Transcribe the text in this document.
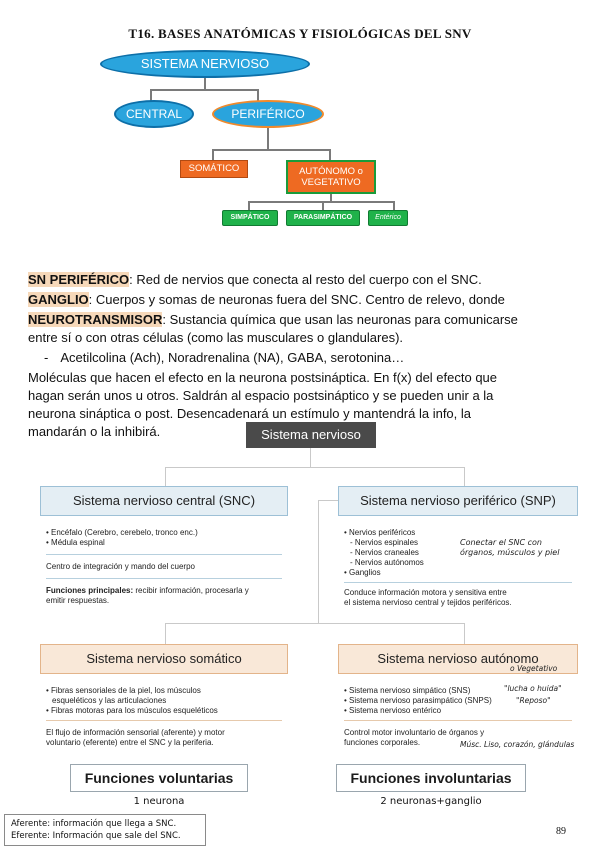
T16. BASES ANATÓMICAS Y FISIOLÓGICAS DEL SNV
SISTEMA NERVIOSO
CENTRAL	PERIFÉRICO
SOMÁTICO	AUTÓNOMO o VEGETATIVO
SIMPÁTICO	PARASIMPÁTICO	Entérico
SN PERIFÉRICO: Red de nervios que conecta al resto del cuerpo con el SNC.
GANGLIO: Cuerpos y somas de neuronas fuera del SNC. Centro de relevo, donde
NEUROTRANSMISOR: Sustancia química que usan las neuronas para comunicarse
entre sí o con otras células (como las musculares o glandulares).
- Acetilcolina (Ach), Noradrenalina (NA), GABA, serotonina…
Moléculas que hacen el efecto en la neurona postsináptica. En f(x) del efecto que
hagan serán unos u otros. Saldrán al espacio postsináptico y se pueden unir a la
neurona sináptica o post. Desencadenará un estímulo y mantendrá la info, la
mandarán o la inhibirá.	Sistema nervioso
Sistema nervioso central (SNC)
• Encéfalo (Cerebro, cerebelo, tronco enc.)
• Médula espinal
Centro de integración y mando del cuerpo
Funciones principales: recibir información, procesarla y
emitir respuestas.
Sistema nervioso periférico (SNP)
• Nervios periféricos
- Nervios espinales
- Nervios craneales
- Nervios autónomos
• Ganglios
Conectar el SNC con órganos, músculos y piel
Conduce información motora y sensitiva entre
el sistema nervioso central y tejidos periféricos.
Sistema nervioso somático
• Fibras sensoriales de la piel, los músculos
esqueléticos y las articulaciones
• Fibras motoras para los músculos esqueléticos
El flujo de información sensorial (aferente) y motor
voluntario (eferente) entre el SNC y la periferia.
Sistema nervioso autónomo
o Vegetativo
• Sistema nervioso simpático (SNS)	"lucha o huida"
• Sistema nervioso parasimpático (SNPS)	"Reposo"
• Sistema nervioso entérico
Control motor involuntario de órganos y
funciones corporales.	Músc. Liso, corazón, glándulas
Funciones voluntarias
1 neurona
Funciones involuntarias
2 neuronas+ganglio
Aferente: información que llega a SNC.
Eferente: Información que sale del SNC.	89
